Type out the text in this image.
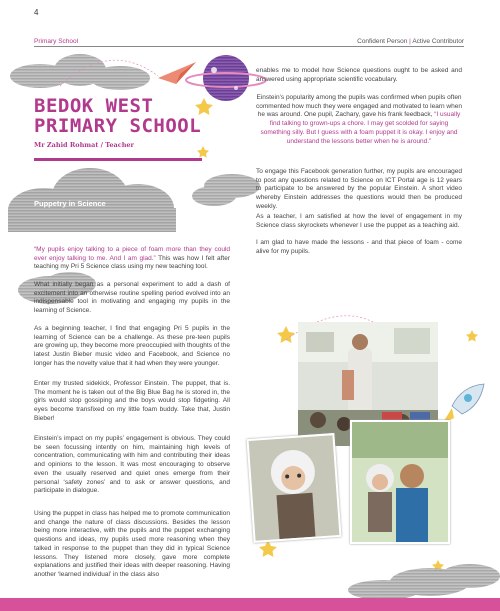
4
Primary School	Confident Person | Active Contributor
BEDOK WEST
PRIMARY SCHOOL
Mr Zahid Rohmat / Teacher
Puppetry in Science
“My pupils enjoy talking to a piece of foam more than they could ever enjoy talking to me. And I am glad.” This was how I felt after teaching my Pri 5 Science class using my new teaching tool.
What initially began as a personal experiment to add a dash of excitement into an otherwise routine spelling period evolved into an indispensable tool in motivating and engaging my pupils in the learning of Science.
As a beginning teacher, I find that engaging Pri 5 pupils in the learning of Science can be a challenge. As these pre-teen pupils are growing up, they become more preoccupied with thoughts of the latest Justin Bieber music video and Facebook, and Science no longer has the novelty value that it had when they were younger.
Enter my trusted sidekick, Professor Einstein. The puppet, that is. The moment he is taken out of the Big Blue Bag he is stored in, the girls would stop gossiping and the boys would stop fidgeting. All eyes become transfixed on my little foam buddy. Take that, Justin Bieber!
Einstein’s impact on my pupils’ engagement is obvious. They could be seen focussing intently on him, maintaining high levels of concentration, communicating with him and contributing their ideas and opinions to the lesson. It was most encouraging to observe even the usually reserved and quiet ones emerge from their personal ‘safety zones’ and to ask or answer questions, and participate in dialogue.
Using the puppet in class has helped me to promote communication and change the nature of class discussions. Besides the lesson being more interactive, with the pupils and the puppet exchanging questions and ideas, my pupils used more reasoning when they talked in response to the puppet than they did in typical Science lessons. They listened more closely, gave more complete explanations and justified their ideas with deeper reasoning. Having another ‘learned individual’ in the class also
enables me to model how Science questions ought to be asked and answered using appropriate scientific vocabulary.
Einstein’s popularity among the pupils was confirmed when pupils often commented how much they were engaged and motivated to learn when he was around. One pupil, Zachary, gave his frank feedback, “I usually find talking to grown-ups a chore. I may get scolded for saying something silly. But I guess with a foam puppet it is okay. I enjoy and understand the lessons better when he is around.”
To engage this Facebook generation further, my pupils are encouraged to post any questions related to Science on ICT Portal age is 12 years to participate to be answered by the popular Einstein. A short video whereby Einstein addresses the questions would then be produced weekly.
As a teacher, I am satisfied at how the level of engagement in my Science class skyrockets whenever I use the puppet as a teaching aid.
I am glad to have made the lessons - and that piece of foam - come alive for my pupils.
